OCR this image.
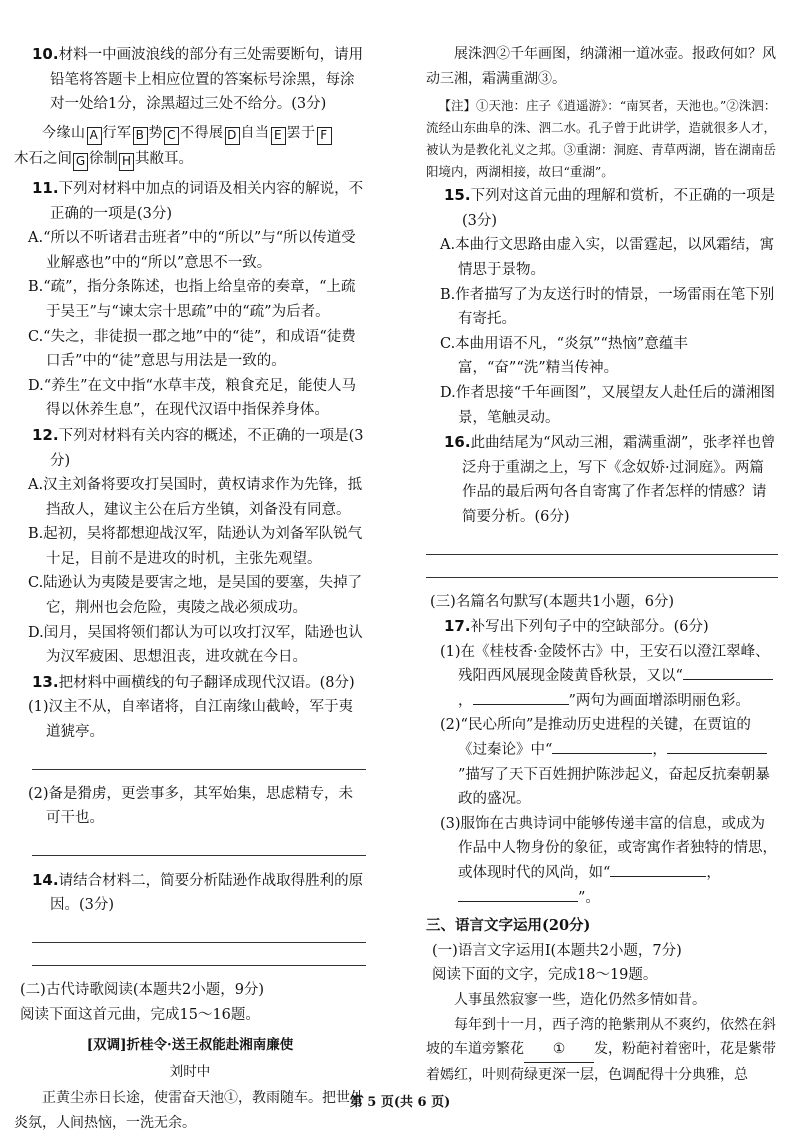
10.材料一中画波浪线的部分有三处需要断句，请用铅笔将答题卡上相应位置的答案标号涂黑，每涂对一处给1分，涂黑超过三处不给分。(3分)
今缘山 A 行军 B 势 C 不得展 D 自当 E 罢于 F
木石之间 G 徐制 H 其敝耳。
11.下列对材料中加点的词语及相关内容的解说，不正确的一项是(3分)
A.“所以不听诸君击班者”中的“所以”与“所以传道受业解惑也”中的“所以”意思不一致。
B.“疏”，指分条陈述，也指上给皇帝的奏章，“上疏于吴王”与“谏太宗十思疏”中的“疏”为后者。
C.“失之，非徒损一郡之地”中的“徒”，和成语“徒费口舌”中的“徒”意思与用法是一致的。
D.“养生”在文中指“水草丰茂，粮食充足，能使人马得以休养生息”，在现代汉语中指保养身体。
12.下列对材料有关内容的概述，不正确的一项是(3分)
A.汉主刘备将要攻打吴国时，黄权请求作为先锋，抵挡敌人，建议主公在后方坐镇，刘备没有同意。
B.起初，吴将都想迎战汉军，陆逊认为刘备军队锐气十足，目前不是进攻的时机，主张先观望。
C.陆逊认为夷陵是要害之地，是吴国的要塞，失掉了它，荆州也会危险，夷陵之战必须成功。
D.闰月，吴国将领们都认为可以攻打汉军，陆逊也认为汉军疲困、思想沮丧，进攻就在今日。
13.把材料中画横线的句子翻译成现代汉语。(8分)
(1)汉主不从，自率诸将，自江南缘山截岭，军于夷道猇亭。
(2)备是猾虏，更尝事多，其军始集，思虑精专，未可干也。
14.请结合材料二，简要分析陆逊作战取得胜利的原因。(3分)
(二)古代诗歌阅读(本题共2小题，9分)
阅读下面这首元曲，完成15～16题。
[双调]折桂令·送王叔能赴湘南廉使
刘时中
正黄尘赤日长途，使雷奋天池①，教雨随车。把世外炎氛，人间热恼，一洗无余。
展洙泗②千年画图，纳潇湘一道冰壶。报政何如？风动三湘，霜满重湖③。
【注】①天池：庄子《逍遥游》：“南冥者，天池也。”②洙泗：流经山东曲阜的洙、泗二水。孔子曾于此讲学，造就很多人才，被认为是教化礼义之邦。③重湖：洞庭、青草两湖，皆在湖南岳阳境内，两湖相接，故曰“重湖”。
15.下列对这首元曲的理解和赏析，不正确的一项是(3分)
A.本曲行文思路由虚入实，以雷霆起，以风霜结，寓情思于景物。
B.作者描写了为友送行时的情景，一场雷雨在笔下别有寄托。
C.本曲用语不凡，“炎氛”“热恼”意蕴丰富，“奋”“洗”精当传神。
D.作者思接“千年画图”，又展望友人赴任后的潇湘图景，笔触灵动。
16.此曲结尾为“风动三湘，霜满重湖”，张孝祥也曾泛舟于重湖之上，写下《念奴娇·过洞庭》。两篇作品的最后两句各自寄寓了作者怎样的情感？请简要分析。(6分)
(三)名篇名句默写(本题共1小题，6分)
17.补写出下列句子中的空缺部分。(6分)
(1)在《桂枝香·金陵怀古》中，王安石以澄江翠峰、残阳西风展现金陵黄昏秋景，又以“，	”两句为画面增添明丽色彩。
(2)“民心所向”是推动历史进程的关键，在贾谊的《过秦论》中“	，”描写了天下百姓拥护陈涉起义，奋起反抗秦朝暴政的盛况。
(3)服饰在古典诗词中能够传递丰富的信息，或成为作品中人物身份的象征，或寄寓作者独特的情思，或体现时代的风尚，如“	，”。
三、语言文字运用(20分)
(一)语言文字运用Ⅰ(本题共2小题，7分)
阅读下面的文字，完成18～19题。
人事虽然寂寥一些，造化仍然多情如昔。
每年到十一月，西子湾的艳紫荆从不爽约，依然在斜坡的车道旁繁花 ① 发，粉葩衬着密叶，花是紫带着嫣红，叶则荷绿更深一层，色调配得十分典雅，总
第 5 页(共 6 页)
